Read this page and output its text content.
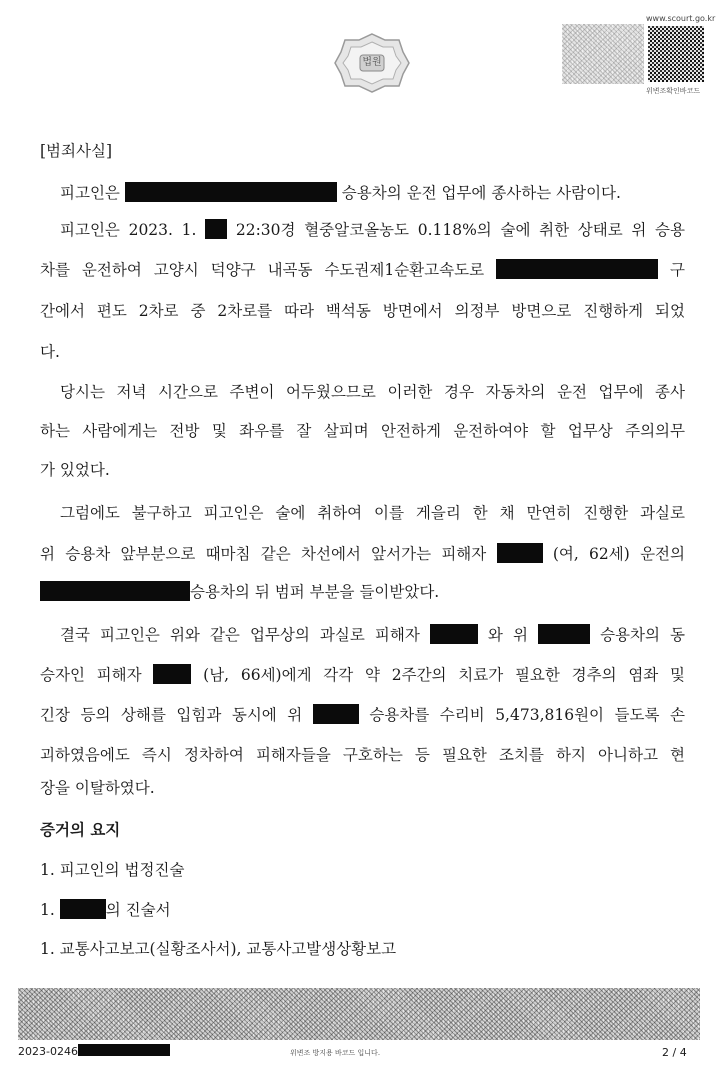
법원
www.scourt.go.kr
위변조확인바코드
[범죄사실]
피고인은	승용차의 운전 업무에 종사하는 사람이다.
피고인은 2023. 1.	22:30경 혈중알코올농도 0.118%의 술에 취한 상태로 위 승용
차를 운전하여 고양시 덕양구 내곡동 수도권제1순환고속도로	구
간에서 편도 2차로 중 2차로를 따라 백석동 방면에서 의정부 방면으로 진행하게 되었
다.
당시는 저녁 시간으로 주변이 어두웠으므로 이러한 경우 자동차의 운전 업무에 종사
하는 사람에게는 전방 및 좌우를 잘 살피며 안전하게 운전하여야 할 업무상 주의의무
가 있었다.
그럼에도 불구하고 피고인은 술에 취하여 이를 게을리 한 채 만연히 진행한 과실로
위 승용차 앞부분으로 때마침 같은 차선에서 앞서가는 피해자	(여, 62세) 운전의
승용차의 뒤 범퍼 부분을 들이받았다.
결국 피고인은 위와 같은 업무상의 과실로 피해자	와 위	승용차의 동
승자인 피해자	(남, 66세)에게 각각 약 2주간의 치료가 필요한 경추의 염좌 및
긴장 등의 상해를 입힘과 동시에 위	승용차를 수리비 5,473,816원이 들도록 손
괴하였음에도 즉시 정차하여 피해자들을 구호하는 등 필요한 조치를 하지 아니하고 현
장을 이탈하였다.
증거의 요지
1. 피고인의 법정진술
1.	의 진술서
1. 교통사고보고(실황조사서), 교통사고발생상황보고
2023-0246	위변조 방지용 바코드 입니다.	2 / 4
